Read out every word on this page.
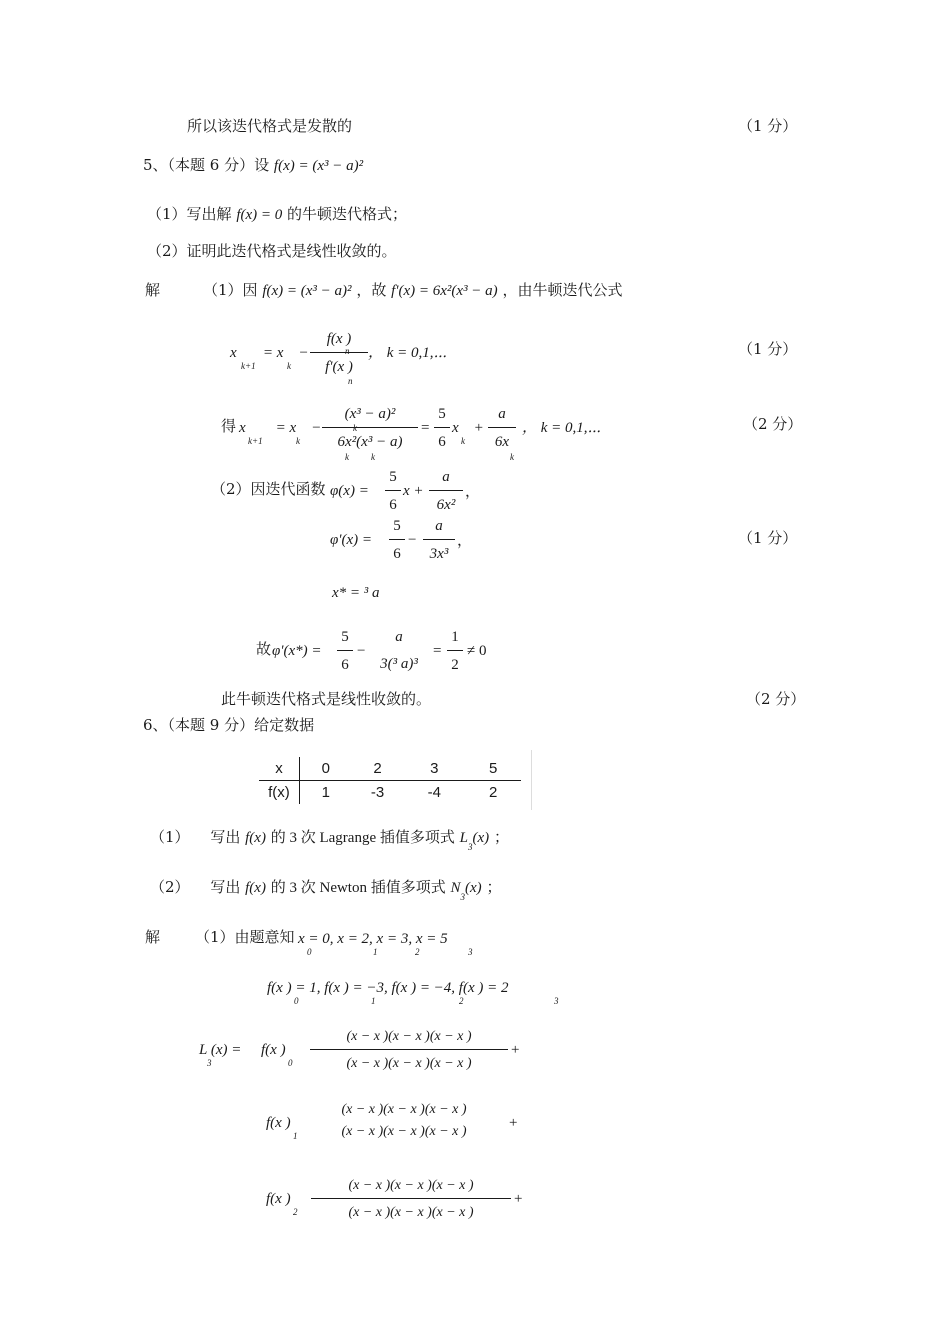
所以该迭代格式是发散的	（1 分）
5、（本题 6 分）设 f(x) = (x³ − a)²
（1）写出解 f(x) = 0 的牛顿迭代格式；
（2）证明此迭代格式是线性收敛的。
解	（1）因 f(x) = (x³ − a)² ，故 f'(x) = 6x²(x³ − a) ，由牛顿迭代公式
x       = x    −
k+1	k $\frac{f(x )}{f'(x )}$
n
n
， k = 0,1,⋯	（1 分）
得 x        = x    −
k+1	k $\frac{\text{(x³ − a)²}}{\text{6x²(x³ − a)}}$
k
k k
= $\frac{5}{6}$ x    +
k $\frac{a}{6x}$
k
， k = 0,1,⋯	（2 分）
（2）因迭代函数 $\varphi(x) = \frac{5}{6}$ $x + \frac{a}{\text{6x²}}$ ，
$\varphi'(x) = \frac{5}{6} - \frac{a}{\text{3x³}}$ ，	（1 分）
x* = ³ a
故 $\varphi'(x*) = \frac{5}{6}$ −
a
3(³ a)³
= $\frac{1}{2} \ne 0$
此牛顿迭代格式是线性收敛的。	（2 分）
6、（本题 9 分）给定数据
x	0	2	3	5
f(x)	1	-3	-4	2
（1） 写出 f(x) 的 3 次 Lagrange 插值多项式 $L_3(x)$ ；
（2） 写出 f(x) 的 3 次 Newton 插值多项式 $N_3(x)$ ；
解 （1）由题意知 x = 0, x = 2, x = 3, x = 5
0	1	2	3
f(x ) = 1, f(x ) = −3, f(x ) = −4, f(x ) = 2
0	1	2	3
L (x) =
3
f(x )
$0 \frac{(x - x )(x - x )(x - x )}{(x - x )(x - x )(x - x )}$ +
f(x )
1
(x − x )(x − x )(x − x )
(x − x )(x − x )(x − x )
+
f(x )
$2 \frac{(x - x )(x - x )(x - x )}{(x - x )(x - x )(x - x )}$ +
